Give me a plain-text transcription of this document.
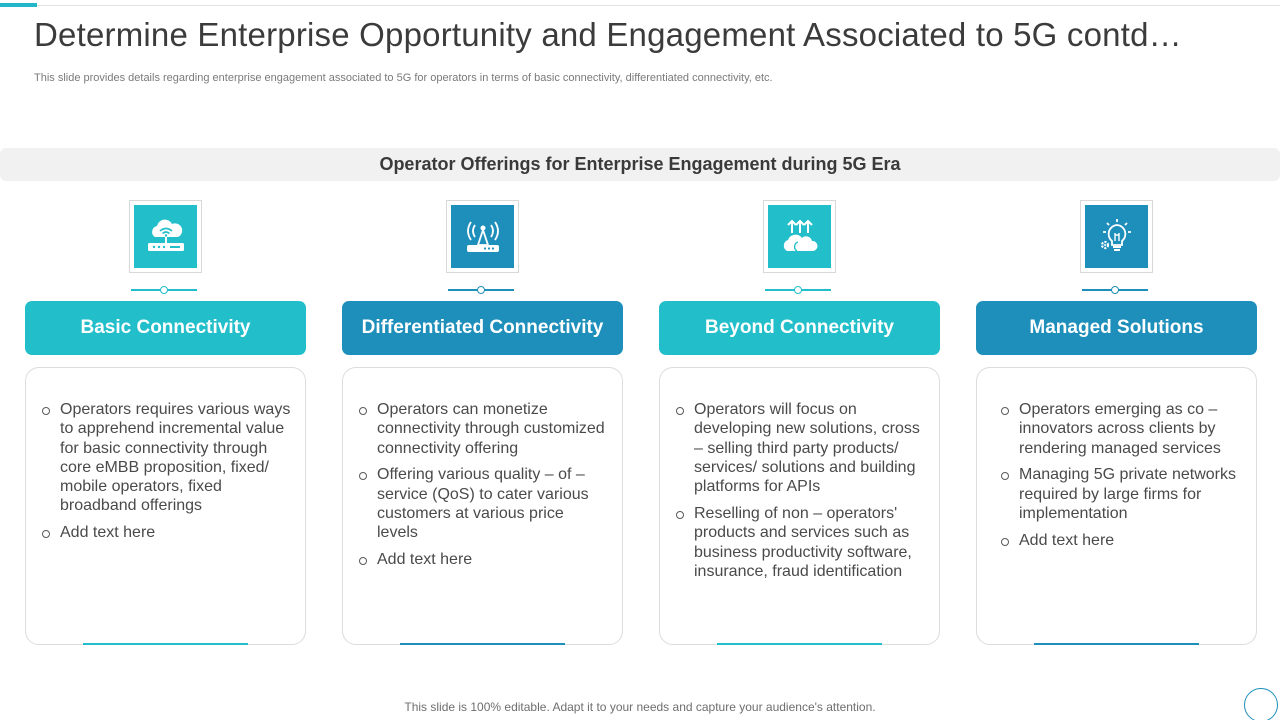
Determine Enterprise Opportunity and Engagement Associated to 5G contd…

This slide provides details regarding enterprise engagement associated to 5G for operators in terms of basic connectivity, differentiated connectivity, etc.

Operator Offerings for Enterprise Engagement during 5G Era
Basic Connectivity
Operators requires various ways to apprehend incremental value for basic connectivity through core eMBB proposition, fixed/ mobile operators, fixed broadband offerings
Add text here
Differentiated Connectivity
Operators can monetize connectivity through customized connectivity offering
Offering various quality – of – service (QoS) to cater various customers at various price levels
Add text here
Beyond Connectivity
Operators will focus on developing new solutions, cross – selling third party products/ services/ solutions and building platforms for APIs
Reselling of non – operators' products and services such as business productivity software, insurance, fraud identification
Managed Solutions
Operators emerging as co – innovators across clients by rendering managed services
Managing 5G private networks required by large firms for implementation
Add text here

This slide is 100% editable. Adapt it to your needs and capture your audience's attention.
